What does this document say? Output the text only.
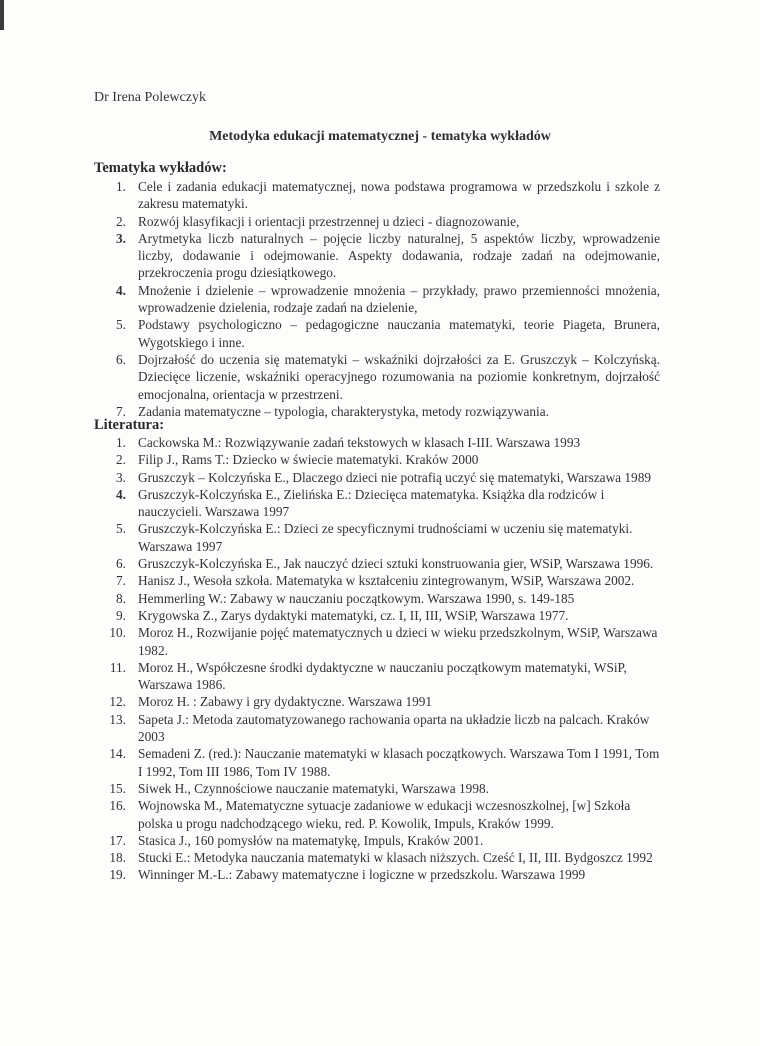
Dr Irena Polewczyk
Metodyka edukacji matematycznej - tematyka wykładów
Tematyka wykładów:
1. Cele i zadania edukacji matematycznej, nowa podstawa programowa w przedszkolu i szkole z zakresu matematyki.
2. Rozwój klasyfikacji i orientacji przestrzennej u dzieci - diagnozowanie,
3. Arytmetyka liczb naturalnych – pojęcie liczby naturalnej, 5 aspektów liczby, wprowadzenie liczby, dodawanie i odejmowanie. Aspekty dodawania, rodzaje zadań na odejmowanie, przekroczenia progu dziesiątkowego.
4. Mnożenie i dzielenie – wprowadzenie mnożenia – przykłady, prawo przemienności mnożenia, wprowadzenie dzielenia, rodzaje zadań na dzielenie,
5. Podstawy psychologiczno – pedagogiczne nauczania matematyki, teorie Piageta, Brunera, Wygotskiego i inne.
6. Dojrzałość do uczenia się matematyki – wskaźniki dojrzałości za E. Gruszczyk – Kolczyńską. Dziecięce liczenie, wskaźniki operacyjnego rozumowania na poziomie konkretnym, dojrzałość emocjonalna, orientacja w przestrzeni.
7. Zadania matematyczne – typologia, charakterystyka, metody rozwiązywania.
Literatura:
1. Cackowska M.: Rozwiązywanie zadań tekstowych w klasach I-III. Warszawa 1993
2. Filip J., Rams T.: Dziecko w świecie matematyki. Kraków 2000
3. Gruszczyk – Kolczyńska E., Dlaczego dzieci nie potrafią uczyć się matematyki, Warszawa 1989
4. Gruszczyk-Kolczyńska E., Zielińska E.: Dziecięca matematyka. Książka dla rodziców i nauczycieli. Warszawa 1997
5. Gruszczyk-Kolczyńska E.: Dzieci ze specyficznymi trudnościami w uczeniu się matematyki. Warszawa 1997
6. Gruszczyk-Kolczyńska E., Jak nauczyć dzieci sztuki konstruowania gier, WSiP, Warszawa 1996.
7. Hanisz J., Wesoła szkoła. Matematyka w kształceniu zintegrowanym, WSiP, Warszawa 2002.
8. Hemmerling W.: Zabawy w nauczaniu początkowym. Warszawa 1990, s. 149-185
9. Krygowska Z., Zarys dydaktyki matematyki, cz. I, II, III, WSiP, Warszawa 1977.
10. Moroz H., Rozwijanie pojęć matematycznych u dzieci w wieku przedszkolnym, WSiP, Warszawa 1982.
11. Moroz H., Współczesne środki dydaktyczne w nauczaniu początkowym matematyki, WSiP, Warszawa 1986.
12. Moroz H. : Zabawy i gry dydaktyczne. Warszawa 1991
13. Sapeta J.: Metoda zautomatyzowanego rachowania oparta na układzie liczb na palcach. Kraków 2003
14. Semadeni Z. (red.): Nauczanie matematyki w klasach początkowych. Warszawa Tom I 1991, Tom I 1992, Tom III 1986, Tom IV 1988.
15. Siwek H., Czynnościowe nauczanie matematyki, Warszawa 1998.
16. Wojnowska M., Matematyczne sytuacje zadaniowe w edukacji wczesnoszkolnej, [w] Szkoła polska u progu nadchodzącego wieku, red. P. Kowolik, Impuls, Kraków 1999.
17. Stasica J., 160 pomysłów na matematykę, Impuls, Kraków 2001.
18. Stucki E.: Metodyka nauczania matematyki w klasach niższych. Cześć I, II, III. Bydgoszcz 1992
19. Winninger M.-L.: Zabawy matematyczne i logiczne w przedszkolu. Warszawa 1999
